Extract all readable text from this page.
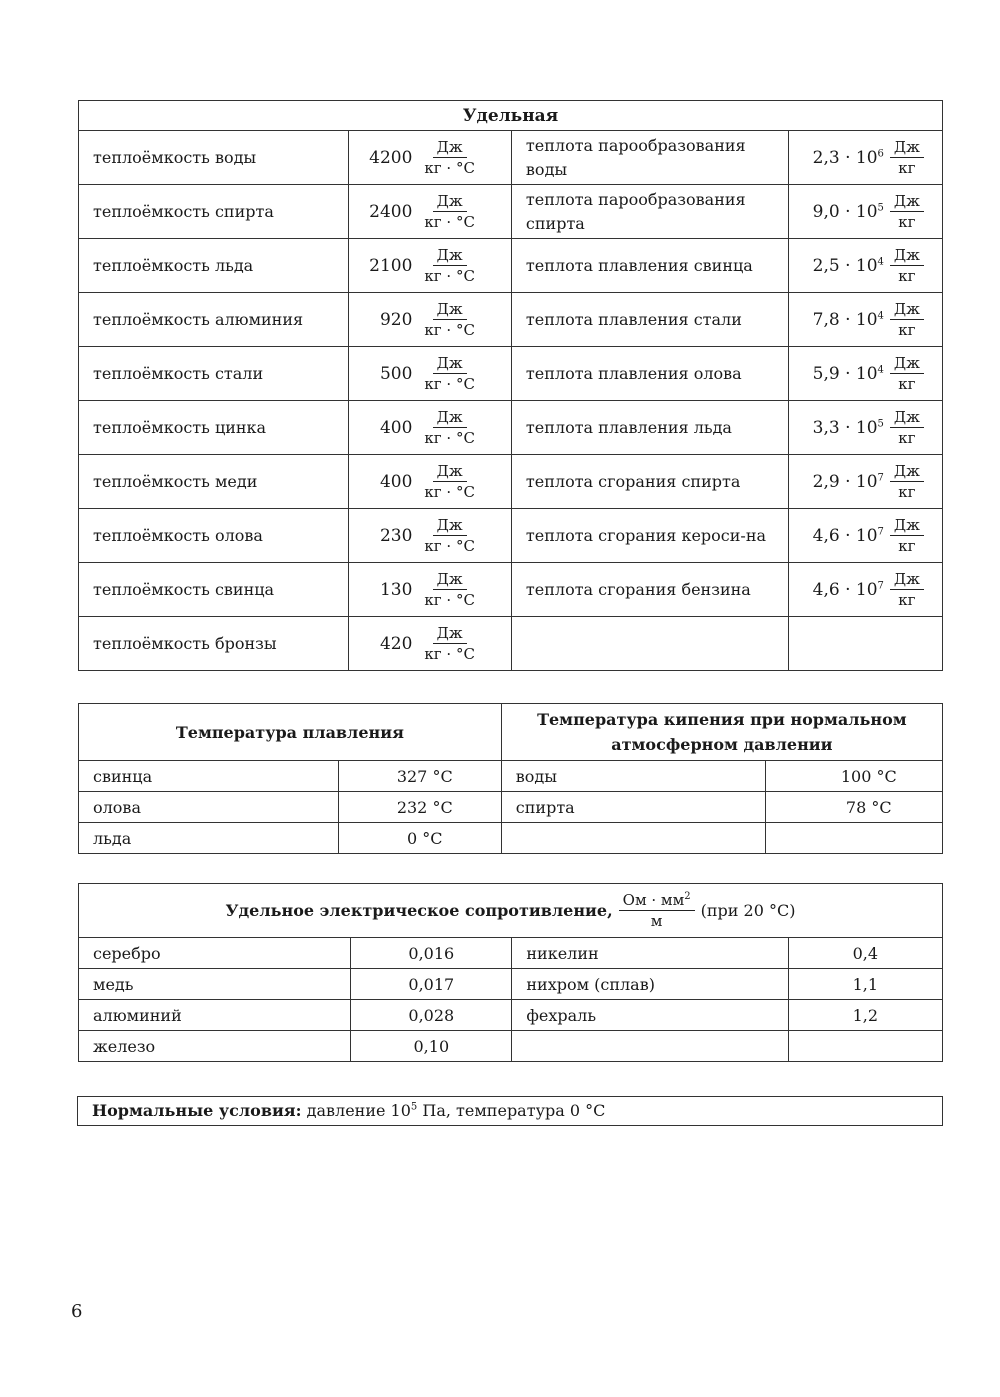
Удельная			
теплоёмкость воды	$4200 \frac{Дж}{кг \cdot ^\circ С}$	теплота парообразования воды	$2,3 \cdot 10^6 \frac{Дж}{кг}$

теплоёмкость спирта	$2400 \frac{Дж}{кг \cdot ^\circ С}$	теплота парообразования спирта	$9,0 \cdot 10^5 \frac{Дж}{кг}$

теплоёмкость льда	$2100 \frac{Дж}{кг \cdot ^\circ С}$	теплота плавления свинца	$2,5 \cdot 10^4 \frac{Дж}{кг}$

теплоёмкость алюминия	$920 \frac{Дж}{кг \cdot ^\circ С}$	теплота плавления стали	$7,8 \cdot 10^4 \frac{Дж}{кг}$

теплоёмкость стали	$500 \frac{Дж}{кг \cdot ^\circ С}$	теплота плавления олова	$5,9 \cdot 10^4 \frac{Дж}{кг}$

теплоёмкость цинка	$400 \frac{Дж}{кг \cdot ^\circ С}$	теплота плавления льда	$3,3 \cdot 10^5 \frac{Дж}{кг}$

теплоёмкость меди	$400 \frac{Дж}{кг \cdot ^\circ С}$	теплота сгорания спирта	$2,9 \cdot 10^7 \frac{Дж}{кг}$

теплоёмкость олова	$230 \frac{Дж}{кг \cdot ^\circ С}$	теплота сгорания кероси-на	$4,6 \cdot 10^7 \frac{Дж}{кг}$

теплоёмкость свинца	$130 \frac{Дж}{кг \cdot ^\circ С}$	теплота сгорания бензина	$4,6 \cdot 10^7 \frac{Дж}{кг}$

теплоёмкость бронзы	$420 \frac{Дж}{кг \cdot ^\circ С}$

Температура плавления		Температура кипения при нормальном
атмосферном давлении	
свинца	327 °С	воды	100 °С
олова	232 °С	спирта	78 °С
льда	0 °С		
Удельное электрическое сопротивление, $\frac{Ом \cdot мм^2}{м} (при$ 20 °С)			

серебро	0,016	никелин	0,4
медь	0,017	нихром (сплав)	1,1
алюминий	0,028	фехраль	1,2
железо	0,10		
Нормальные условия: давление $10^5$ Па, температура 0 °С
6
